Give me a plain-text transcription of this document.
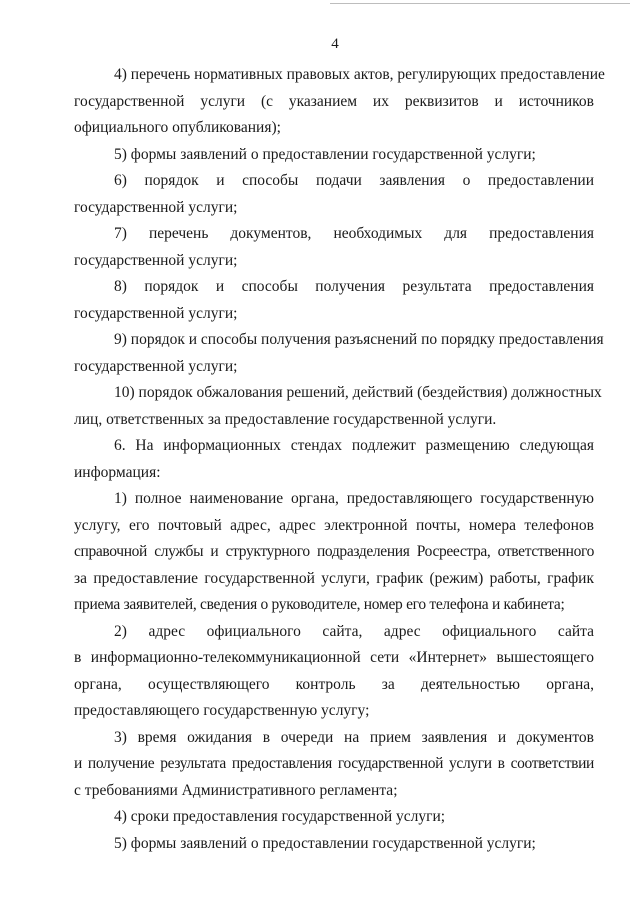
4

4) перечень нормативных правовых актов, регулирующих предоставление
государственной услуги (с указанием их реквизитов и источников
официального опубликования);

5) формы заявлений о предоставлении государственной услуги;

6) порядок и способы подачи заявления о предоставлении
государственной услуги;

7) перечень документов, необходимых для предоставления
государственной услуги;

8) порядок и способы получения результата предоставления
государственной услуги;

9) порядок и способы получения разъяснений по порядку предоставления
государственной услуги;

10) порядок обжалования решений, действий (бездействия) должностных
лиц, ответственных за предоставление государственной услуги.

6. На информационных стендах подлежит размещению следующая
информация:

1) полное наименование органа, предоставляющего государственную
услугу, его почтовый адрес, адрес электронной почты, номера телефонов
справочной службы и структурного подразделения Росреестра, ответственного
за предоставление государственной услуги, график (режим) работы, график
приема заявителей, сведения о руководителе, номер его телефона и кабинета;

2) адрес официального сайта, адрес официального сайта
в информационно-телекоммуникационной сети «Интернет» вышестоящего
органа, осуществляющего контроль за деятельностью органа,
предоставляющего государственную услугу;

3) время ожидания в очереди на прием заявления и документов
и получение результата предоставления государственной услуги в соответствии
с требованиями Административного регламента;

4) сроки предоставления государственной услуги;

5) формы заявлений о предоставлении государственной услуги;
